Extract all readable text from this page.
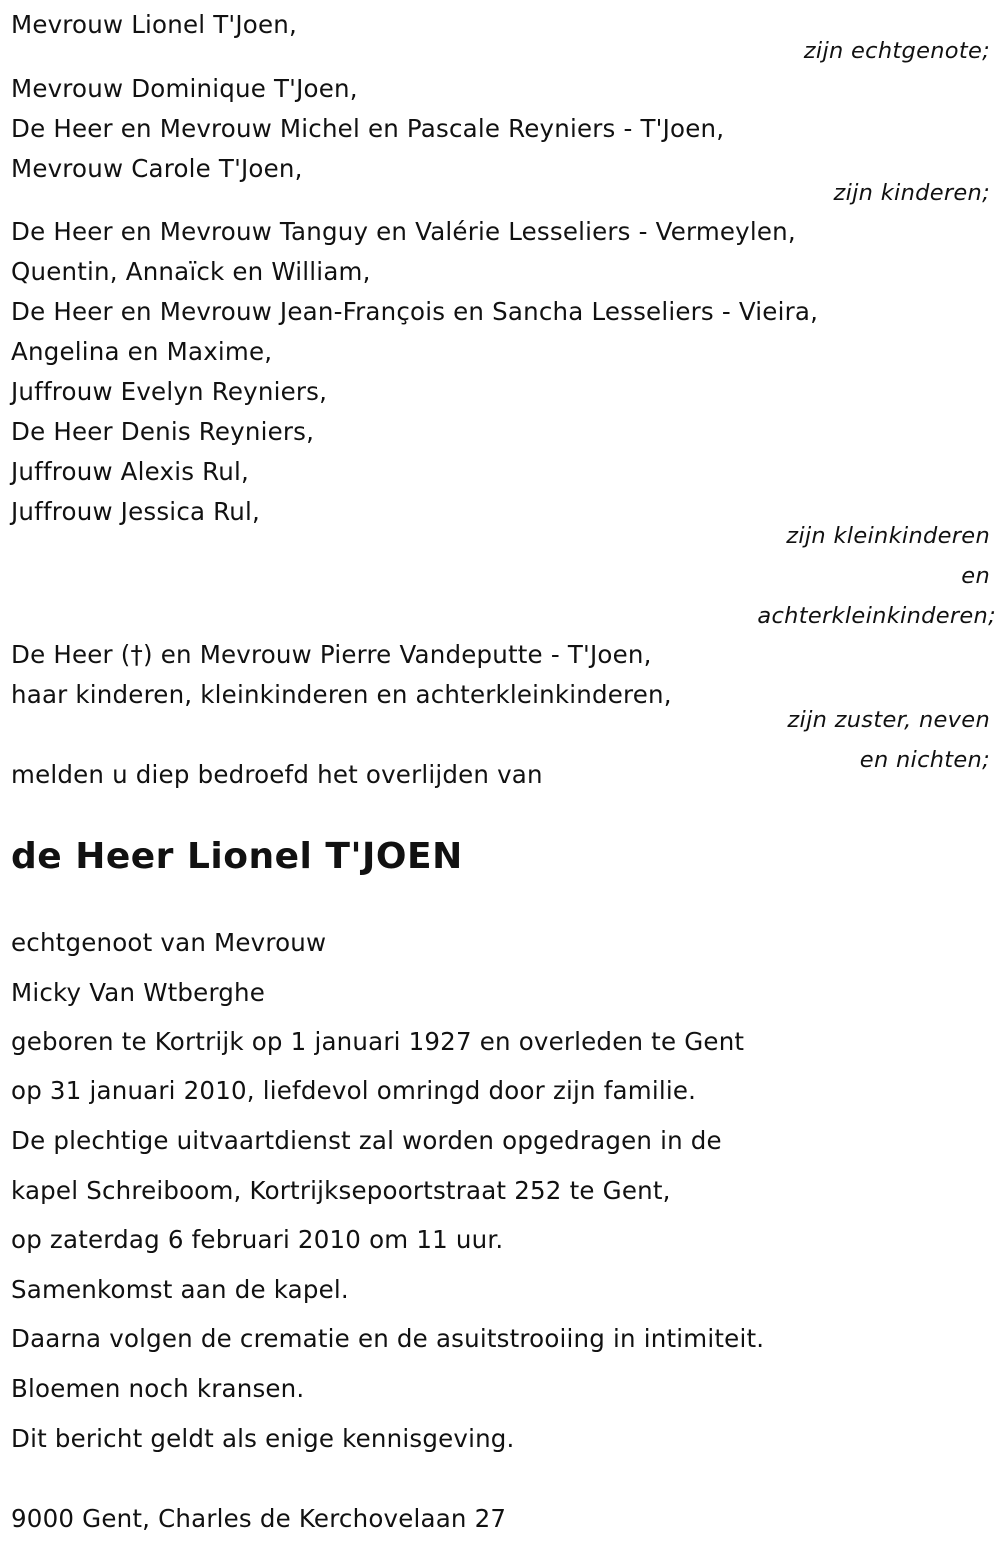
Mevrouw Lionel T'Joen,
zijn echtgenote;
Mevrouw Dominique T'Joen,
De Heer en Mevrouw Michel en Pascale Reyniers - T'Joen,
Mevrouw Carole T'Joen,
zijn kinderen;
De Heer en Mevrouw Tanguy en Valérie Lesseliers - Vermeylen,
Quentin, Annaïck en William,
De Heer en Mevrouw Jean-François en Sancha Lesseliers - Vieira,
Angelina en Maxime,
Juffrouw Evelyn Reyniers,
De Heer Denis Reyniers,
Juffrouw Alexis Rul,
Juffrouw Jessica Rul,
zijn kleinkinderen
en
achterkleinkinderen;
De Heer (†) en Mevrouw Pierre Vandeputte - T'Joen,
haar kinderen, kleinkinderen en achterkleinkinderen,
zijn zuster, neven
en nichten;
melden u diep bedroefd het overlijden van
de Heer Lionel T'JOEN
echtgenoot van Mevrouw
Micky Van Wtberghe
geboren te Kortrijk op 1 januari 1927 en overleden te Gent
op 31 januari 2010, liefdevol omringd door zijn familie.
De plechtige uitvaartdienst zal worden opgedragen in de
kapel Schreiboom, Kortrijksepoortstraat 252 te Gent,
op zaterdag 6 februari 2010 om 11 uur.
Samenkomst aan de kapel.
Daarna volgen de crematie en de asuitstrooiing in intimiteit.
Bloemen noch kransen.
Dit bericht geldt als enige kennisgeving.
9000 Gent, Charles de Kerchovelaan 27
